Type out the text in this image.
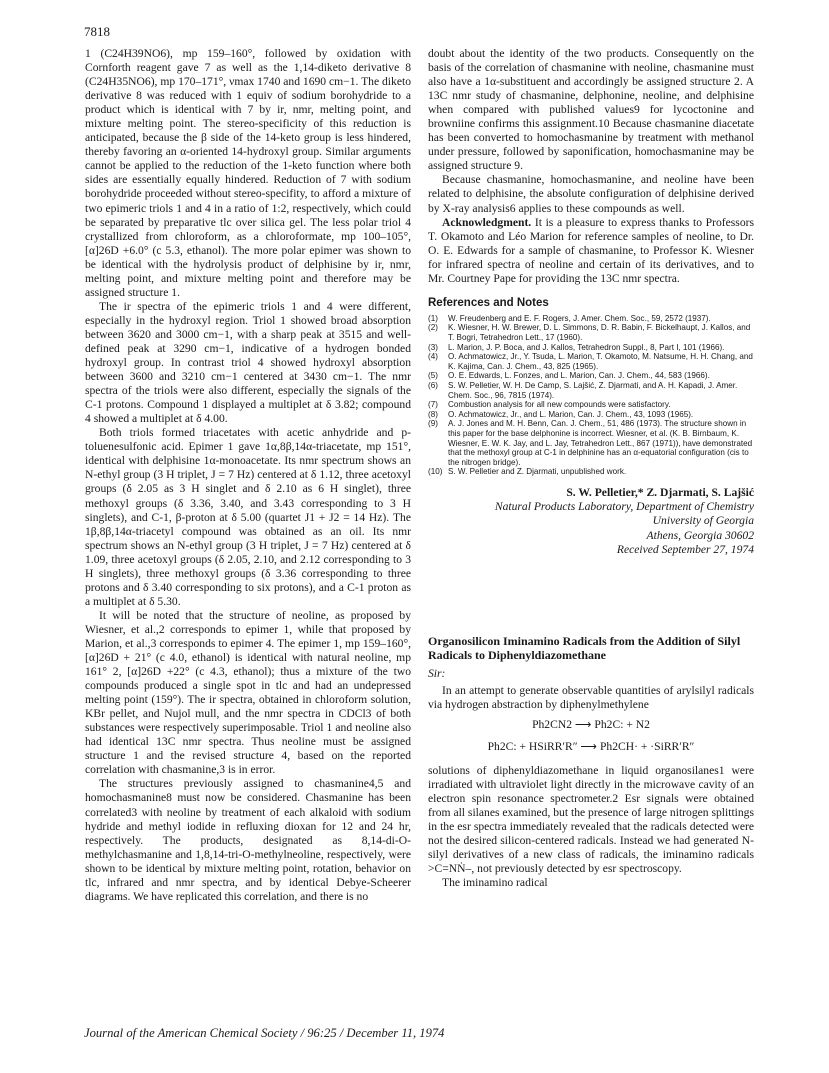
7818

1 (C24H39NO6), mp 159–160°, followed by oxidation with Cornforth reagent gave 7 as well as the 1,14-diketo derivative 8 (C24H35NO6), mp 170–171°, νmax 1740 and 1690 cm−1. The diketo derivative 8 was reduced with 1 equiv of sodium borohydride to a product which is identical with 7 by ir, nmr, melting point, and mixture melting point. The stereo-specificity of this reduction is anticipated, because the β side of the 14-keto group is less hindered, thereby favoring an α-oriented 14-hydroxyl group. Similar arguments cannot be applied to the reduction of the 1-keto function where both sides are essentially equally hindered. Reduction of 7 with sodium borohydride proceeded without stereo-specifity, to afford a mixture of two epimeric triols 1 and 4 in a ratio of 1:2, respectively, which could be separated by preparative tlc over silica gel. The less polar triol 4 crystallized from chloroform, as a chloroformate, mp 100–105°, [α]26D +6.0° (c 5.3, ethanol). The more polar epimer was shown to be identical with the hydrolysis product of delphisine by ir, nmr, melting point, and mixture melting point and therefore may be assigned structure 1.

The ir spectra of the epimeric triols 1 and 4 were different, especially in the hydroxyl region. Triol 1 showed broad absorption between 3620 and 3000 cm−1, with a sharp peak at 3515 and well-defined peak at 3290 cm−1, indicative of a hydrogen bonded hydroxyl group. In contrast triol 4 showed hydroxyl absorption between 3600 and 3210 cm−1 centered at 3430 cm−1. The nmr spectra of the triols were also different, especially the signals of the C-1 protons. Compound 1 displayed a multiplet at δ 3.82; compound 4 showed a multiplet at δ 4.00.

Both triols formed triacetates with acetic anhydride and p-toluenesulfonic acid. Epimer 1 gave 1α,8β,14α-triacetate, mp 151°, identical with delphisine 1α-monoacetate. Its nmr spectrum shows an N-ethyl group (3 H triplet, J = 7 Hz) centered at δ 1.12, three acetoxyl groups (δ 2.05 as 3 H singlet and δ 2.10 as 6 H singlet), three methoxyl groups (δ 3.36, 3.40, and 3.43 corresponding to 3 H singlets), and C-1, β-proton at δ 5.00 (quartet J1 + J2 = 14 Hz). The 1β,8β,14α-triacetyl compound was obtained as an oil. Its nmr spectrum shows an N-ethyl group (3 H triplet, J = 7 Hz) centered at δ 1.09, three acetoxyl groups (δ 2.05, 2.10, and 2.12 corresponding to 3 H singlets), three methoxyl groups (δ 3.36 corresponding to three protons and δ 3.40 corresponding to six protons), and a C-1 proton as a multiplet at δ 5.30.

It will be noted that the structure of neoline, as proposed by Wiesner, et al.,2 corresponds to epimer 1, while that proposed by Marion, et al.,3 corresponds to epimer 4. The epimer 1, mp 159–160°, [α]26D + 21° (c 4.0, ethanol) is identical with natural neoline, mp 161° 2, [α]26D +22° (c 4.3, ethanol); thus a mixture of the two compounds produced a single spot in tlc and had an undepressed melting point (159°). The ir spectra, obtained in chloroform solution, KBr pellet, and Nujol mull, and the nmr spectra in CDCl3 of both substances were respectively superimposable. Triol 1 and neoline also had identical 13C nmr spectra. Thus neoline must be assigned structure 1 and the revised structure 4, based on the reported correlation with chasmanine,3 is in error.

The structures previously assigned to chasmanine4,5 and homochasmanine8 must now be considered. Chasmanine has been correlated3 with neoline by treatment of each alkaloid with sodium hydride and methyl iodide in refluxing dioxan for 12 and 24 hr, respectively. The products, designated as 8,14-di-O-methylchasmanine and 1,8,14-tri-O-methylneoline, respectively, were shown to be identical by mixture melting point, rotation, behavior on tlc, infrared and nmr spectra, and by identical Debye-Scheerer diagrams. We have replicated this correlation, and there is no

doubt about the identity of the two products. Consequently on the basis of the correlation of chasmanine with neoline, chasmanine must also have a 1α-substituent and accordingly be assigned structure 2. A 13C nmr study of chasmanine, delphonine, neoline, and delphisine when compared with published values9 for lycoctonine and browniine confirms this assignment.10 Because chasmanine diacetate has been converted to homochasmanine by treatment with methanol under pressure, followed by saponification, homochasmanine may be assigned structure 9.

Because chasmanine, homochasmanine, and neoline have been related to delphisine, the absolute configuration of delphisine derived by X-ray analysis6 applies to these compounds as well.

Acknowledgment. It is a pleasure to express thanks to Professors T. Okamoto and Léo Marion for reference samples of neoline, to Dr. O. E. Edwards for a sample of chasmanine, to Professor K. Wiesner for infrared spectra of neoline and certain of its derivatives, and to Mr. Courtney Pape for providing the 13C nmr spectra.

References and Notes
(1)	W. Freudenberg and E. F. Rogers, J. Amer. Chem. Soc., 59, 2572 (1937).
(2)	K. Wiesner, H. W. Brewer, D. L. Simmons, D. R. Babin, F. Bickelhaupt, J. Kallos, and T. Bogri, Tetrahedron Lett., 17 (1960).
(3)	L. Marion, J. P. Boca, and J. Kallos, Tetrahedron Suppl., 8, Part I, 101 (1966).
(4)	O. Achmatowicz, Jr., Y. Tsuda, L. Marion, T. Okamoto, M. Natsume, H. H. Chang, and K. Kajima, Can. J. Chem., 43, 825 (1965).
(5)	O. E. Edwards, L. Fonzes, and L. Marion, Can. J. Chem., 44, 583 (1966).
(6)	S. W. Pelletier, W. H. De Camp, S. Lajšić, Z. Djarmati, and A. H. Kapadi, J. Amer. Chem. Soc., 96, 7815 (1974).
(7)	Combustion analysis for all new compounds were satisfactory.
(8)	O. Achmatowicz, Jr., and L. Marion, Can. J. Chem., 43, 1093 (1965).
(9)	A. J. Jones and M. H. Benn, Can. J. Chem., 51, 486 (1973). The structure shown in this paper for the base delphonine is incorrect. Wiesner, et al. (K. B. Birnbaum, K. Wiesner, E. W. K. Jay, and L. Jay, Tetrahedron Lett., 867 (1971)), have demonstrated that the methoxyl group at C-1 in delphinine has an α-equatorial configuration (cis to the nitrogen bridge).
(10) S. W. Pelletier and Z. Djarmati, unpublished work.
S. W. Pelletier,* Z. Djarmati, S. Lajšić
Natural Products Laboratory, Department of Chemistry
University of Georgia
Athens, Georgia 30602
Received September 27, 1974
Organosilicon Iminamino Radicals from the Addition of Silyl Radicals to Diphenyldiazomethane
Sir:

In an attempt to generate observable quantities of arylsilyl radicals via hydrogen abstraction by diphenylmethylene

Ph2CN2 ⟶ Ph2C: + N2
Ph2C: + HSiRR′R″ ⟶ Ph2CH· + ·SiRR′R″

solutions of diphenyldiazomethane in liquid organosilanes1 were irradiated with ultraviolet light directly in the microwave cavity of an electron spin resonance spectrometer.2 Esr signals were obtained from all silanes examined, but the presence of large nitrogen splittings in the esr spectra immediately revealed that the radicals detected were not the desired silicon-centered radicals. Instead we had generated N-silyl derivatives of a new class of radicals, the iminamino radicals >C=NṄ–, not previously detected by esr spectroscopy.

The iminamino radical

Journal of the American Chemical Society / 96:25 / December 11, 1974
